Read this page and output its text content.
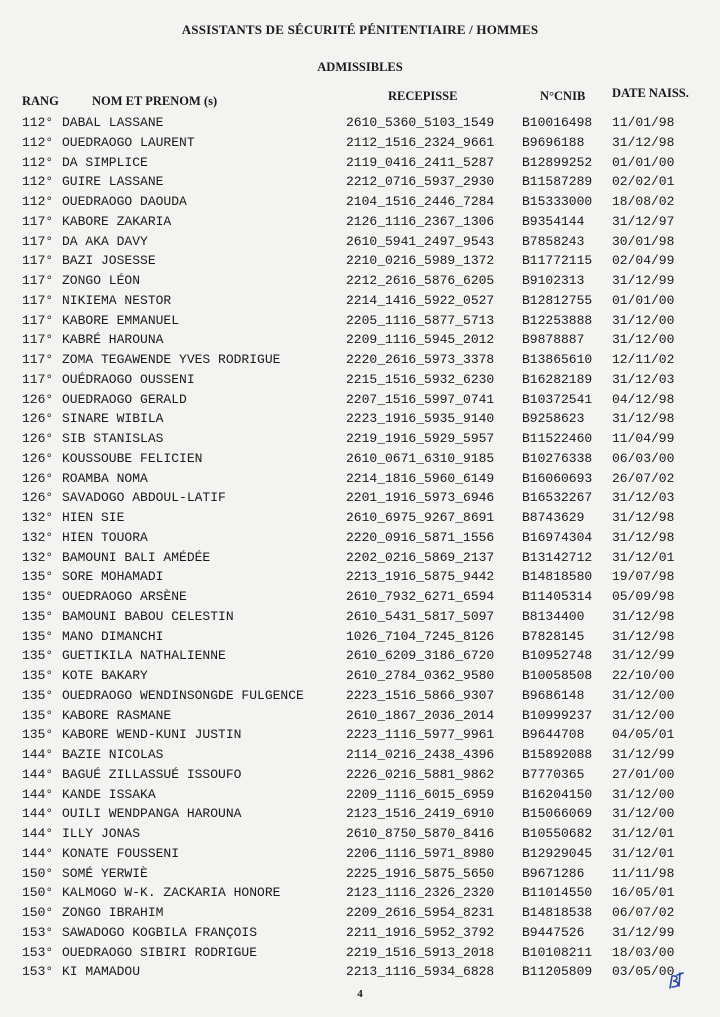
ASSISTANTS DE SÉCURITÉ PÉNITENTIAIRE / HOMMES
ADMISSIBLES
RANG	NOM ET PRENOM (s)	RECEPISSE	N°CNIB DATE NAISS.
112° DABAL LASSANE	2610_5360_5103_1549 B10016498 11/01/98
112° OUEDRAOGO LAURENT	2112_1516_2324_9661 B9696188 31/12/98
112° DA SIMPLICE	2119_0416_2411_5287 B12899252 01/01/00
112° GUIRE LASSANE	2212_0716_5937_2930 B11587289 02/02/01
112° OUEDRAOGO DAOUDA	2104_1516_2446_7284 B15333000 18/08/02
117° KABORE ZAKARIA	2126_1116_2367_1306 B9354144 31/12/97
117° DA AKA DAVY	2610_5941_2497_9543 B7858243 30/01/98
117° BAZI JOSESSE	2210_0216_5989_1372 B11772115 02/04/99
117° ZONGO LÉON	2212_2616_5876_6205 B9102313 31/12/99
117° NIKIEMA NESTOR	2214_1416_5922_0527 B12812755 01/01/00
117° KABORE EMMANUEL	2205_1116_5877_5713 B12253888 31/12/00
117° KABRÉ HAROUNA	2209_1116_5945_2012 B9878887 31/12/00
117° ZOMA TEGAWENDE YVES RODRIGUE	2220_2616_5973_3378 B13865610 12/11/02
117° OUÉDRAOGO OUSSENI	2215_1516_5932_6230 B16282189 31/12/03
126° OUEDRAOGO GERALD	2207_1516_5997_0741 B10372541 04/12/98
126° SINARE WIBILA	2223_1916_5935_9140 B9258623 31/12/98
126° SIB STANISLAS	2219_1916_5929_5957 B11522460 11/04/99
126° KOUSSOUBE FELICIEN	2610_0671_6310_9185 B10276338 06/03/00
126° ROAMBA NOMA	2214_1816_5960_6149 B16060693 26/07/02
126° SAVADOGO ABDOUL-LATIF	2201_1916_5973_6946 B16532267 31/12/03
132° HIEN SIE	2610_6975_9267_8691 B8743629 31/12/98
132° HIEN TOUORA	2220_0916_5871_1556 B16974304 31/12/98
132° BAMOUNI BALI AMÉDÉE	2202_0216_5869_2137 B13142712 31/12/01
135° SORE MOHAMADI	2213_1916_5875_9442 B14818580 19/07/98
135° OUEDRAOGO ARSÈNE	2610_7932_6271_6594 B11405314 05/09/98
135° BAMOUNI BABOU CELESTIN	2610_5431_5817_5097 B8134400 31/12/98
135° MANO DIMANCHI	1026_7104_7245_8126 B7828145 31/12/98
135° GUETIKILA NATHALIENNE	2610_6209_3186_6720 B10952748 31/12/99
135° KOTE BAKARY	2610_2784_0362_9580 B10058508 22/10/00
135° OUEDRAOGO WENDINSONGDE FULGENCE	2223_1516_5866_9307 B9686148 31/12/00
135° KABORE RASMANE	2610_1867_2036_2014 B10999237 31/12/00
135° KABORE WEND-KUNI JUSTIN	2223_1116_5977_9961 B9644708 04/05/01
144° BAZIE NICOLAS	2114_0216_2438_4396 B15892088 31/12/99
144° BAGUÉ ZILLASSUÉ ISSOUFO	2226_0216_5881_9862 B7770365 27/01/00
144° KANDE ISSAKA	2209_1116_6015_6959 B16204150 31/12/00
144° OUILI WENDPANGA HAROUNA	2123_1516_2419_6910 B15066069 31/12/00
144° ILLY JONAS	2610_8750_5870_8416 B10550682 31/12/01
144° KONATE FOUSSENI	2206_1116_5971_8980 B12929045 31/12/01
150° SOMÉ YERWIÈ	2225_1916_5875_5650 B9671286 11/11/98
150° KALMOGO W-K. ZACKARIA HONORE	2123_1116_2326_2320 B11014550 16/05/01
150° ZONGO IBRAHIM	2209_2616_5954_8231 B14818538 06/07/02
153° SAWADOGO KOGBILA FRANÇOIS	2211_1916_5952_3792 B9447526 31/12/99
153° OUEDRAOGO SIBIRI RODRIGUE	2219_1516_5913_2018 B10108211 18/03/00
153° KI MAMADOU	2213_1116_5934_6828 B11205809 03/05/00
4
